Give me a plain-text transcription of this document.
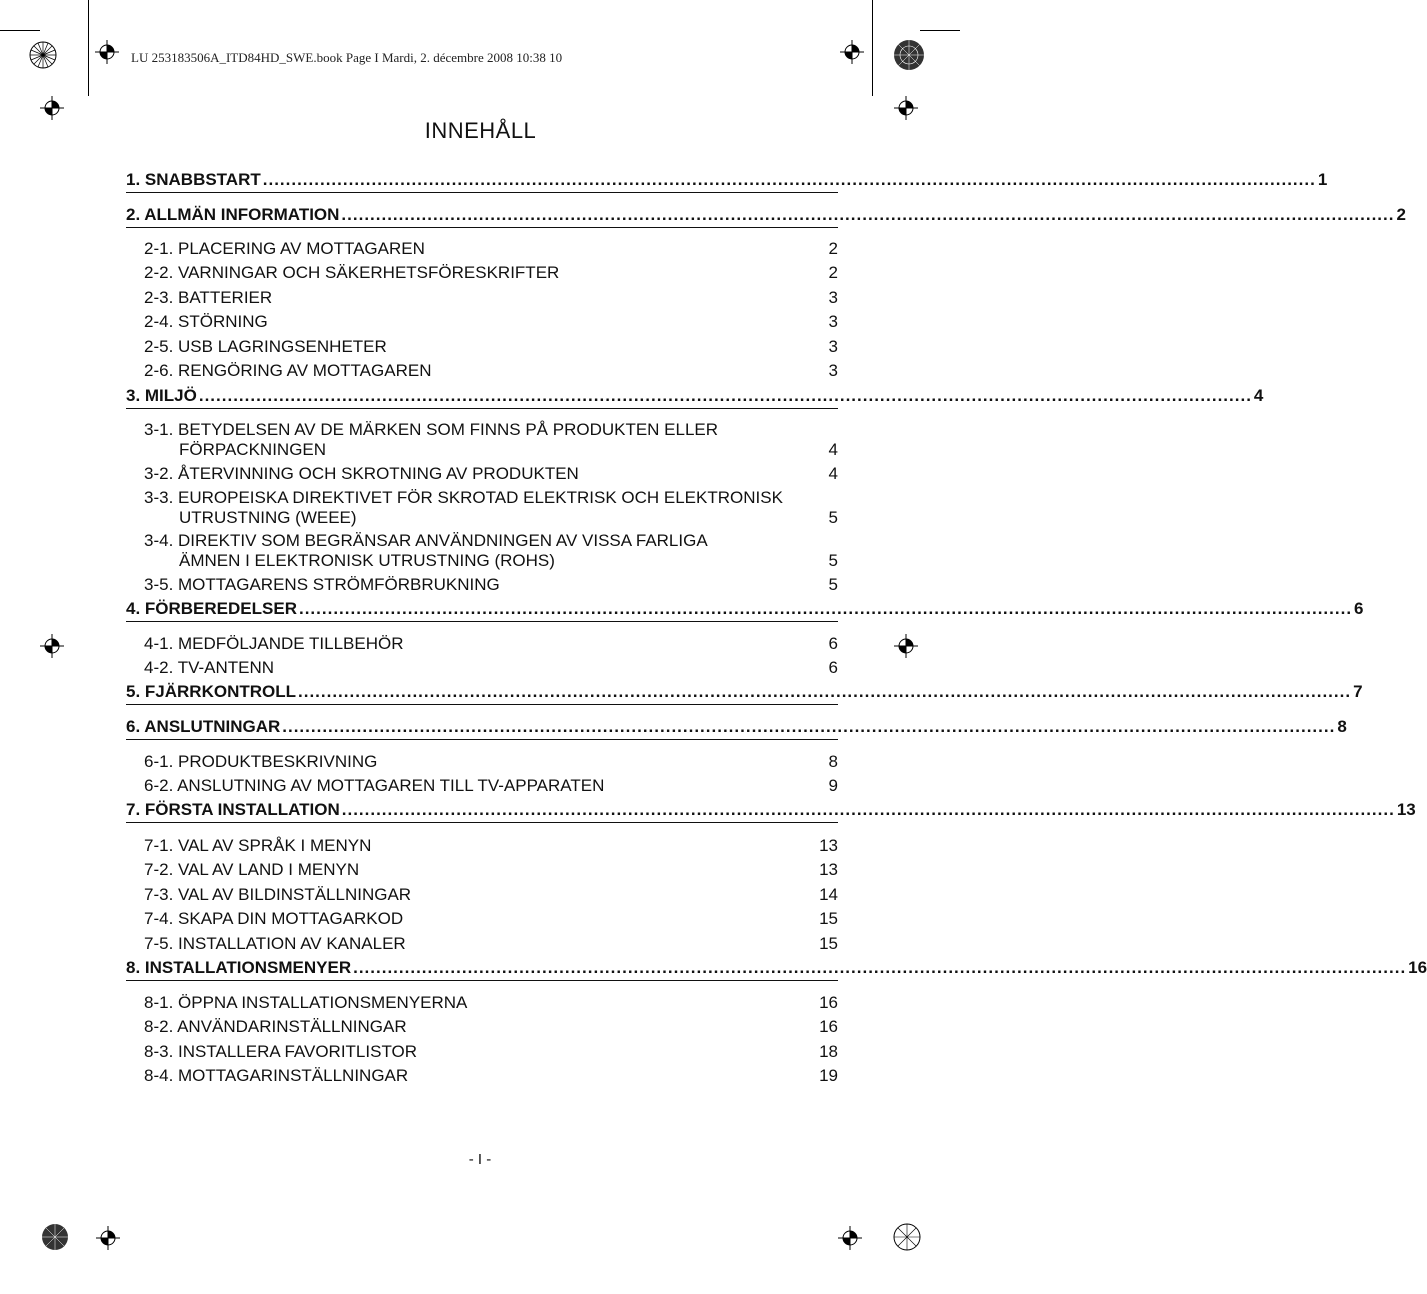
LU 253183506A_ITD84HD_SWE.book Page I Mardi, 2. décembre 2008 10:38 10
INNEHÅLL
1. SNABBSTART ........................................................................................................................................................................................ 1
2. ALLMÄN INFORMATION ........................................................................................................................................................................................ 2
2-1. PLACERING AV MOTTAGAREN	2
2-2. VARNINGAR OCH SÄKERHETSFÖRESKRIFTER	2
2-3. BATTERIER	3
2-4. STÖRNING	3
2-5. USB LAGRINGSENHETER	3
2-6. RENGÖRING AV MOTTAGAREN	3
3. MILJÖ ........................................................................................................................................................................................ 4
3-1. BETYDELSEN AV DE MÄRKEN SOM FINNS PÅ PRODUKTEN ELLER
FÖRPACKNINGEN	4
3-2. ÅTERVINNING OCH SKROTNING AV PRODUKTEN	4
3-3. EUROPEISKA DIREKTIVET FÖR SKROTAD ELEKTRISK OCH ELEKTRONISK
UTRUSTNING (WEEE)	5
3-4. DIREKTIV SOM BEGRÄNSAR ANVÄNDNINGEN AV VISSA FARLIGA
ÄMNEN I ELEKTRONISK UTRUSTNING (ROHS)	5
3-5. MOTTAGARENS STRÖMFÖRBRUKNING	5
4. FÖRBEREDELSER ........................................................................................................................................................................................ 6
4-1. MEDFÖLJANDE TILLBEHÖR	6
4-2. TV-ANTENN	6
5. FJÄRRKONTROLL ........................................................................................................................................................................................ 7
6. ANSLUTNINGAR ........................................................................................................................................................................................ 8
6-1. PRODUKTBESKRIVNING	8
6-2. ANSLUTNING AV MOTTAGAREN TILL TV-APPARATEN	9
7. FÖRSTA INSTALLATION ........................................................................................................................................................................................ 13
7-1. VAL AV SPRÅK I MENYN	13
7-2. VAL AV LAND I MENYN	13
7-3. VAL AV BILDINSTÄLLNINGAR	14
7-4. SKAPA DIN MOTTAGARKOD	15
7-5. INSTALLATION AV KANALER	15
8. INSTALLATIONSMENYER ........................................................................................................................................................................................ 16
8-1. ÖPPNA INSTALLATIONSMENYERNA	16
8-2. ANVÄNDARINSTÄLLNINGAR	16
8-3. INSTALLERA FAVORITLISTOR	18
8-4. MOTTAGARINSTÄLLNINGAR	19
- I -
